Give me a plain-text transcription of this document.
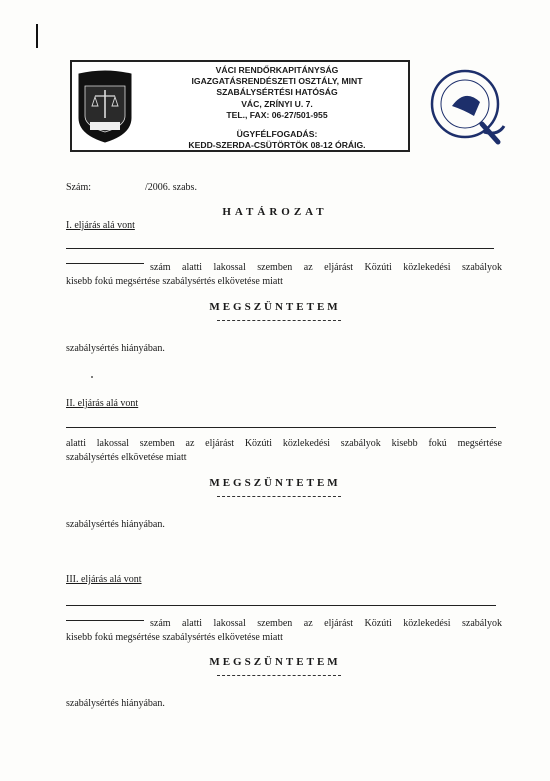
VÁCI RENDŐRKAPITÁNYSÁG
IGAZGATÁSRENDÉSZETI OSZTÁLY, MINT
SZABÁLYSÉRTÉSI HATÓSÁG
VÁC, ZRÍNYI U. 7.
TEL., FAX: 06-27/501-955
ÜGYFÉLFOGADÁS:
KEDD-SZERDA-CSÜTÖRTÖK 08-12 ÓRÁIG.
Szám:	/2006. szabs.
HATÁROZAT
I. eljárás alá vont
szám alatti lakossal szemben az eljárást Közúti közlekedési szabályok
kisebb fokú megsértése szabálysértés elkövetése miatt
MEGSZÜNTETEM
szabálysértés hiányában.
II. eljárás alá vont
alatti lakossal szemben az eljárást Közúti közlekedési szabályok kisebb fokú megsértése
szabálysértés elkövetése miatt
MEGSZÜNTETEM
szabálysértés hiányában.
III. eljárás alá vont
szám alatti lakossal szemben az eljárást Közúti közlekedési szabályok
kisebb fokú megsértése szabálysértés elkövetése miatt
MEGSZÜNTETEM
szabálysértés hiányában.
